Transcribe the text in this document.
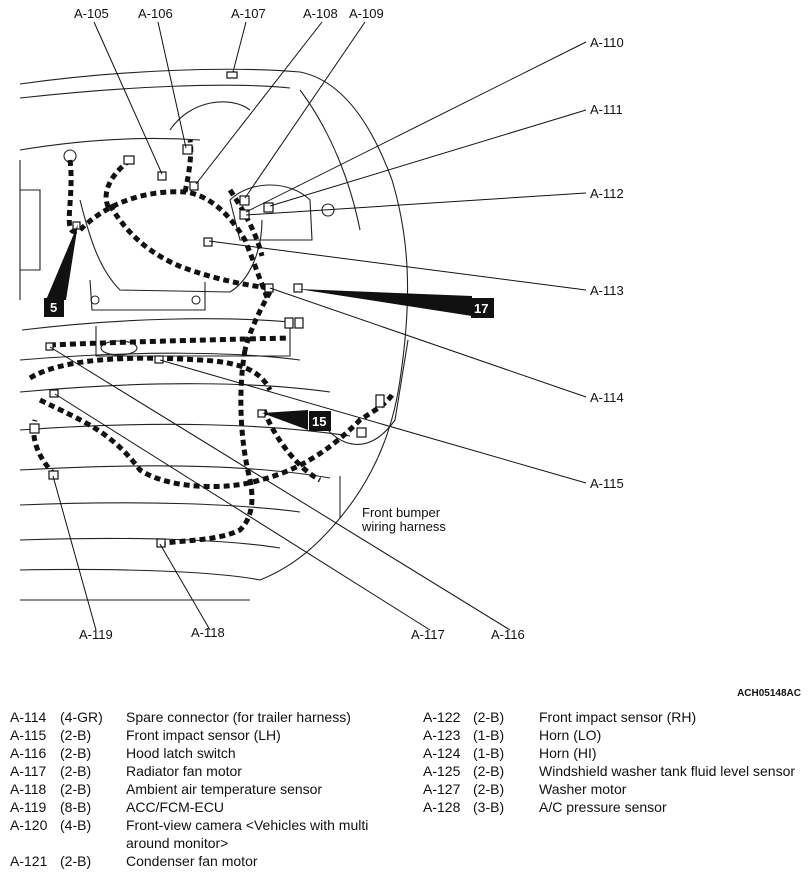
A-105 A-106	A-107	A-108 A-109
A-110
A-111
A-112
A-113
A-114
A-115
A-116
A-117
A-118
A-119
5	17
15
Front bumper
wiring harness
ACH05148AC
A-114 (4-GR)	Spare connector (for trailer harness)
A-115 (2-B)	Front impact sensor (LH)
A-116 (2-B)	Hood latch switch
A-117 (2-B)	Radiator fan motor
A-118 (2-B)	Ambient air temperature sensor
A-119 (8-B)	ACC/FCM-ECU
A-120 (4-B)	Front-view camera <Vehicles with multi around monitor>
A-121 (2-B)	Condenser fan motor
A-122 (2-B)	Front impact sensor (RH)
A-123 (1-B)	Horn (LO)
A-124 (1-B)	Horn (HI)
A-125 (2-B)	Windshield washer tank fluid level sensor
A-127 (2-B)	Washer motor
A-128 (3-B)	A/C pressure sensor
